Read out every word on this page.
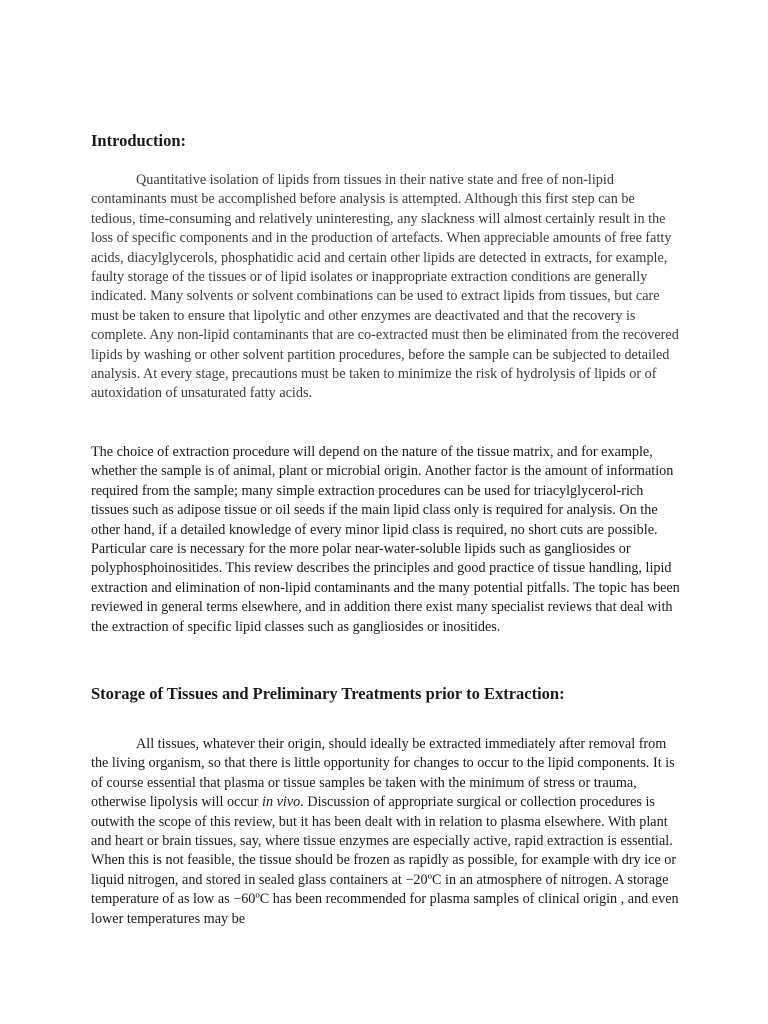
Introduction:

Quantitative isolation of lipids from tissues in their native state and free of non-lipid contaminants must be accomplished before analysis is attempted. Although this first step can be tedious, time-consuming and relatively uninteresting, any slackness will almost certainly result in the loss of specific components and in the production of artefacts. When appreciable amounts of free fatty acids, diacylglycerols, phosphatidic acid and certain other lipids are detected in extracts, for example, faulty storage of the tissues or of lipid isolates or inappropriate extraction conditions are generally indicated. Many solvents or solvent combinations can be used to extract lipids from tissues, but care must be taken to ensure that lipolytic and other enzymes are deactivated and that the recovery is complete. Any non-lipid contaminants that are co-extracted must then be eliminated from the recovered lipids by washing or other solvent partition procedures, before the sample can be subjected to detailed analysis. At every stage, precautions must be taken to minimize the risk of hydrolysis of lipids or of autoxidation of unsaturated fatty acids.

The choice of extraction procedure will depend on the nature of the tissue matrix, and for example, whether the sample is of animal, plant or microbial origin. Another factor is the amount of information required from the sample; many simple extraction procedures can be used for triacylglycerol-rich tissues such as adipose tissue or oil seeds if the main lipid class only is required for analysis. On the other hand, if a detailed knowledge of every minor lipid class is required, no short cuts are possible. Particular care is necessary for the more polar near-water-soluble lipids such as gangliosides or polyphosphoinositides. This review describes the principles and good practice of tissue handling, lipid extraction and elimination of non-lipid contaminants and the many potential pitfalls. The topic has been reviewed in general terms elsewhere, and in addition there exist many specialist reviews that deal with the extraction of specific lipid classes such as gangliosides or inositides.

Storage of Tissues and Preliminary Treatments prior to Extraction:

All tissues, whatever their origin, should ideally be extracted immediately after removal from the living organism, so that there is little opportunity for changes to occur to the lipid components. It is of course essential that plasma or tissue samples be taken with the minimum of stress or trauma, otherwise lipolysis will occur in vivo. Discussion of appropriate surgical or collection procedures is outwith the scope of this review, but it has been dealt with in relation to plasma elsewhere. With plant and heart or brain tissues, say, where tissue enzymes are especially active, rapid extraction is essential. When this is not feasible, the tissue should be frozen as rapidly as possible, for example with dry ice or liquid nitrogen, and stored in sealed glass containers at −20ºC in an atmosphere of nitrogen. A storage temperature of as low as −60ºC has been recommended for plasma samples of clinical origin , and even lower temperatures may be
